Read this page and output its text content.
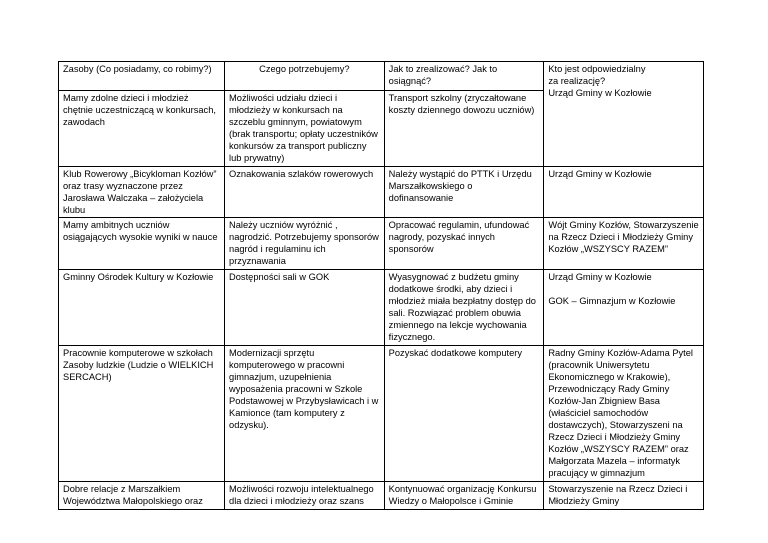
Zasoby (Co posiadamy, co robimy?)	Czego potrzebujemy?	Jak to zrealizować? Jak to osiągnąć?	Kto jest odpowiedzialny
za realizację?
Urząd Gminy w Kozłowie
Mamy zdolne dzieci i młodzież chętnie uczestniczącą w konkursach, zawodach	Możliwości udziału dzieci i młodzieży w konkursach na szczeblu gminnym, powiatowym (brak transportu; opłaty uczestników konkursów za transport publiczny lub prywatny)	Transport szkolny (zryczałtowane koszty dziennego dowozu uczniów)	
Klub Rowerowy „Bicykloman Kozłów” oraz trasy wyznaczone przez Jarosława Walczaka – założyciela klubu	Oznakowania szlaków rowerowych	Należy wystąpić do PTTK i Urzędu Marszałkowskiego o dofinansowanie	Urząd Gminy w Kozłowie
Mamy ambitnych uczniów osiągających wysokie wyniki w nauce	Należy uczniów wyróżnić , nagrodzić. Potrzebujemy sponsorów nagród i regulaminu ich przyznawania	Opracować regulamin, ufundować nagrody, pozyskać innych sponsorów	Wójt Gminy Kozłów, Stowarzyszenie na Rzecz Dzieci i Młodzieży Gminy Kozłów „WSZYSCY RAZEM”
Gminny Ośrodek Kultury w Kozłowie	Dostępności sali w GOK	Wyasygnować z budżetu gminy dodatkowe środki, aby dzieci i młodzież miała bezpłatny dostęp do sali. Rozwiązać problem obuwia zmiennego na lekcje wychowania fizycznego.	Urząd Gminy w Kozłowie

GOK – Gimnazjum w Kozłowie
Pracownie komputerowe w szkołach Zasoby ludzkie (Ludzie o WIELKICH SERCACH)	Modernizacji sprzętu komputerowego w pracowni gimnazjum, uzupełnienia wyposażenia pracowni w Szkole Podstawowej w Przybysławicach i w Kamionce (tam komputery z odzysku).	Pozyskać dodatkowe komputery	Radny Gminy Kozłów-Adama Pytel (pracownik Uniwersytetu Ekonomicznego w Krakowie), Przewodniczący Rady Gminy Kozłów-Jan Zbigniew Basa (właściciel samochodów dostawczych), Stowarzyszeni na Rzecz Dzieci i Młodzieży Gminy Kozłów „WSZYSCY RAZEM” oraz Małgorzata Mazela – informatyk pracujący w gimnazjum
Dobre relacje z Marszałkiem Województwa Małopolskiego oraz	Możliwości rozwoju intelektualnego dla dzieci i młodzieży oraz szans	Kontynuować organizację Konkursu Wiedzy o Małopolsce i Gminie	Stowarzyszenie na Rzecz Dzieci i Młodzieży Gminy
